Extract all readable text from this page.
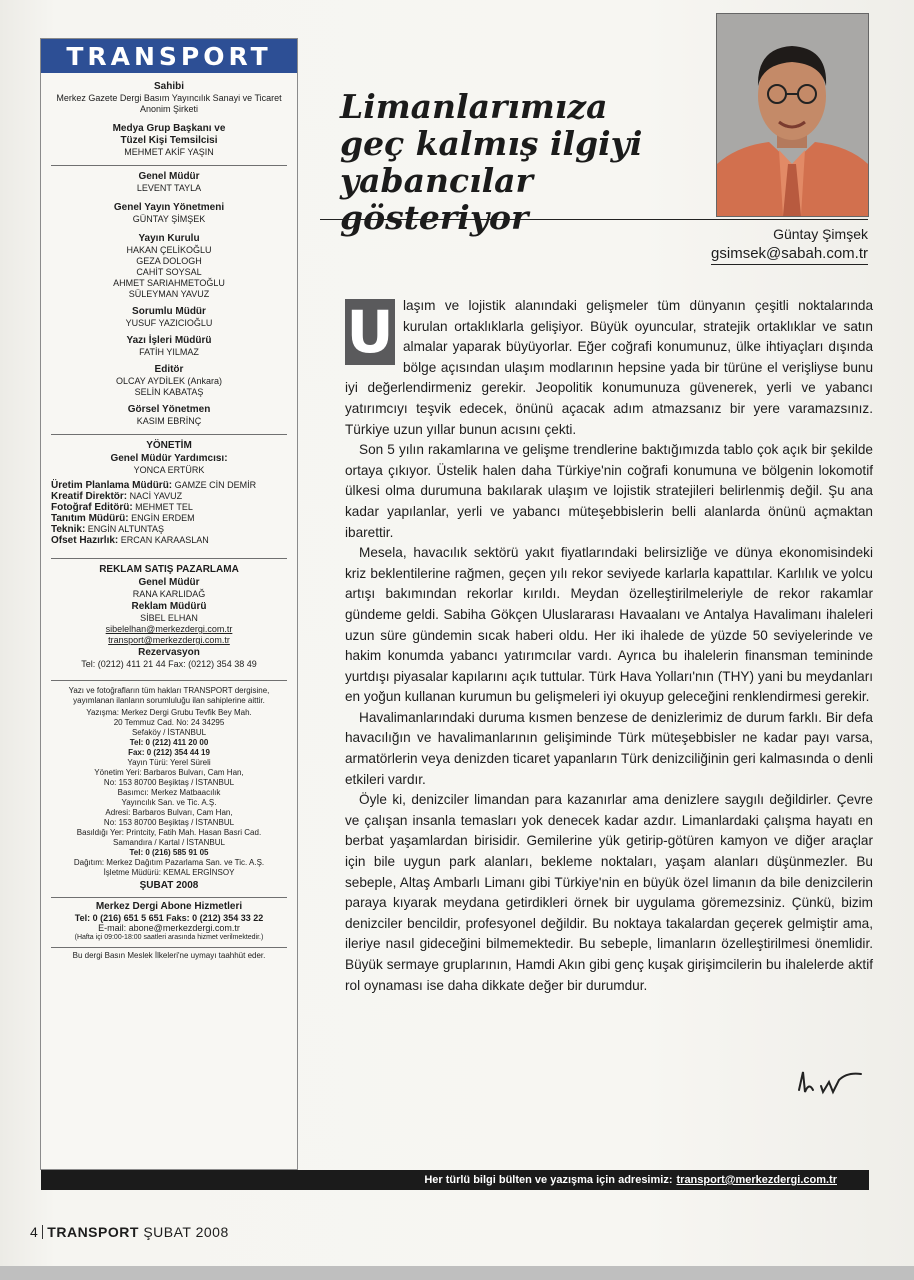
TRANSPORT
Sahibi
Merkez Gazete Dergi Basım Yayıncılık Sanayi ve Ticaret Anonim Şirketi
Medya Grup Başkanı ve
Tüzel Kişi Temsilcisi
MEHMET AKİF YAŞIN
Genel Müdür
LEVENT TAYLA
Genel Yayın Yönetmeni
GÜNTAY ŞİMŞEK
Yayın Kurulu
HAKAN ÇELİKOĞLU
GEZA DOLOGH
CAHİT SOYSAL
AHMET SARIAHMETOĞLU
SÜLEYMAN YAVUZ
Sorumlu Müdür
YUSUF YAZICIOĞLU
Yazı İşleri Müdürü
FATİH YILMAZ
Editör
OLCAY AYDİLEK (Ankara)
SELİN KABATAŞ
Görsel Yönetmen
KASIM EBRİNÇ
YÖNETİM
Genel Müdür Yardımcısı:
YONCA ERTÜRK
Üretim Planlama Müdürü: GAMZE CİN DEMİR
Kreatif Direktör: NACİ YAVUZ
Fotoğraf Editörü: MEHMET TEL
Tanıtım Müdürü: ENGİN ERDEM
Teknik: ENGİN ALTUNTAŞ
Ofset Hazırlık: ERCAN KARAASLAN
REKLAM SATIŞ PAZARLAMA
Genel Müdür
RANA KARLIDAĞ
Reklam Müdürü
SİBEL ELHAN
sibelelhan@merkezdergi.com.tr
transport@merkezdergi.com.tr
Rezervasyon
Tel: (0212) 411 21 44 Fax: (0212) 354 38 49
Yazı ve fotoğrafların tüm hakları TRANSPORT dergisine, yayımlanan ilanların sorumluluğu ilan sahiplerine aittir.
Yazışma: Merkez Dergi Grubu Tevfik Bey Mah.
20 Temmuz Cad. No: 24 34295
Sefaköy / İSTANBUL
Tel: 0 (212) 411 20 00
Fax: 0 (212) 354 44 19
Yayın Türü: Yerel Süreli
Yönetim Yeri: Barbaros Bulvarı, Cam Han,
No: 153 80700 Beşiktaş / İSTANBUL
Basımcı: Merkez Matbaacılık
Yayıncılık San. ve Tic. A.Ş.
Adresi: Barbaros Bulvarı, Cam Han,
No: 153 80700 Beşiktaş / İSTANBUL
Basıldığı Yer: Printcity, Fatih Mah. Hasan Basri Cad.
Samandıra / Kartal / İSTANBUL
Tel: 0 (216) 585 91 05
Dağıtım: Merkez Dağıtım Pazarlama San. ve Tic. A.Ş.
İşletme Müdürü: KEMAL ERGİNSOY
ŞUBAT 2008
Merkez Dergi Abone Hizmetleri
Tel: 0 (216) 651 5 651 Faks: 0 (212) 354 33 22
E-mail: abone@merkezdergi.com.tr
(Hafta içi 09:00-18:00 saatleri arasında hizmet verilmektedir.)
Bu dergi Basın Meslek İlkeleri'ne uymayı taahhüt eder.
Limanlarımıza
geç kalmış ilgiyi
yabancılar gösteriyor	Güntay Şimşek
gsimsek@sabah.com.tr
U laşım ve lojistik alanındaki gelişmeler tüm dünyanın çeşitli noktalarında kurulan ortaklıklarla gelişiyor. Büyük oyuncular, stratejik ortaklıklar ve satın almalar yaparak büyüyorlar. Eğer coğrafi konumunuz, ülke ihtiyaçları dışında bölge açısından ulaşım modlarının hepsine yada bir türüne el verişliyse bunu iyi değerlendirmeniz gerekir. Jeopolitik konumunuza güvenerek, yerli ve yabancı yatırımcıyı teşvik edecek, önünü açacak adım atmazsanız bir yere varamazsınız. Türkiye uzun yıllar bunun acısını çekti.

Son 5 yılın rakamlarına ve gelişme trendlerine baktığımızda tablo çok açık bir şekilde ortaya çıkıyor. Üstelik halen daha Türkiye'nin coğrafi konumuna ve bölgenin lokomotif ülkesi olma durumuna bakılarak ulaşım ve lojistik stratejileri belirlenmiş değil. Şu ana kadar yapılanlar, yerli ve yabancı müteşebbislerin belli alanlarda önünü açmaktan ibarettir.

Mesela, havacılık sektörü yakıt fiyatlarındaki belirsizliğe ve dünya ekonomisindeki kriz beklentilerine rağmen, geçen yılı rekor seviyede karlarla kapattılar. Karlılık ve yolcu artışı bakımından rekorlar kırıldı. Meydan özelleştirilmeleriyle de rekor rakamlar gündeme geldi. Sabiha Gökçen Uluslararası Havaalanı ve Antalya Havalimanı ihaleleri uzun süre gündemin sıcak haberi oldu. Her iki ihalede de yüzde 50 seviyelerinde ve hakim konumda yabancı yatırımcılar vardı. Ayrıca bu ihalelerin finansman temininde yurtdışı piyasalar kapılarını açık tuttular. Türk Hava Yolları'nın (THY) yani bu meydanları en yoğun kullanan kurumun bu gelişmeleri iyi okuyup geleceğini renklendirmesi gerekir.

Havalimanlarındaki duruma kısmen benzese de denizlerimiz de durum farklı. Bir defa havacılığın ve havalimanlarının gelişiminde Türk müteşebbisler ne kadar payı varsa, armatörlerin veya denizden ticaret yapanların Türk denizciliğinin geri kalmasında o denli etkileri vardır.

Öyle ki, denizciler limandan para kazanırlar ama denizlere saygılı değildirler. Çevre ve çalışan insanla temasları yok denecek kadar azdır. Limanlardaki çalışma hayatı en berbat yaşamlardan birisidir. Gemilerine yük getirip-götüren kamyon ve diğer araçlar için bile uygun park alanları, bekleme noktaları, yaşam alanları düşünmezler. Bu sebeple, Altaş Ambarlı Limanı gibi Türkiye'nin en büyük özel limanın da bile denizcilerin paraya kıyarak meydana getirdikleri örnek bir uygulama göremezsiniz. Çünkü, bizim denizciler bencildir, profesyonel değildir. Bu noktaya takalardan geçerek gelmiştir ama, ileriye nasıl gideceğini bilmemektedir. Bu sebeple, limanların özelleştirilmesi önemlidir. Büyük sermaye gruplarının, Hamdi Akın gibi genç kuşak girişimcilerin bu ihalelerde aktif rol oynaması ise daha dikkate değer bir durumdur.

Her türlü bilgi bülten ve yazışma için adresimiz: transport@merkezdergi.com.tr
4 TRANSPORT ŞUBAT 2008
